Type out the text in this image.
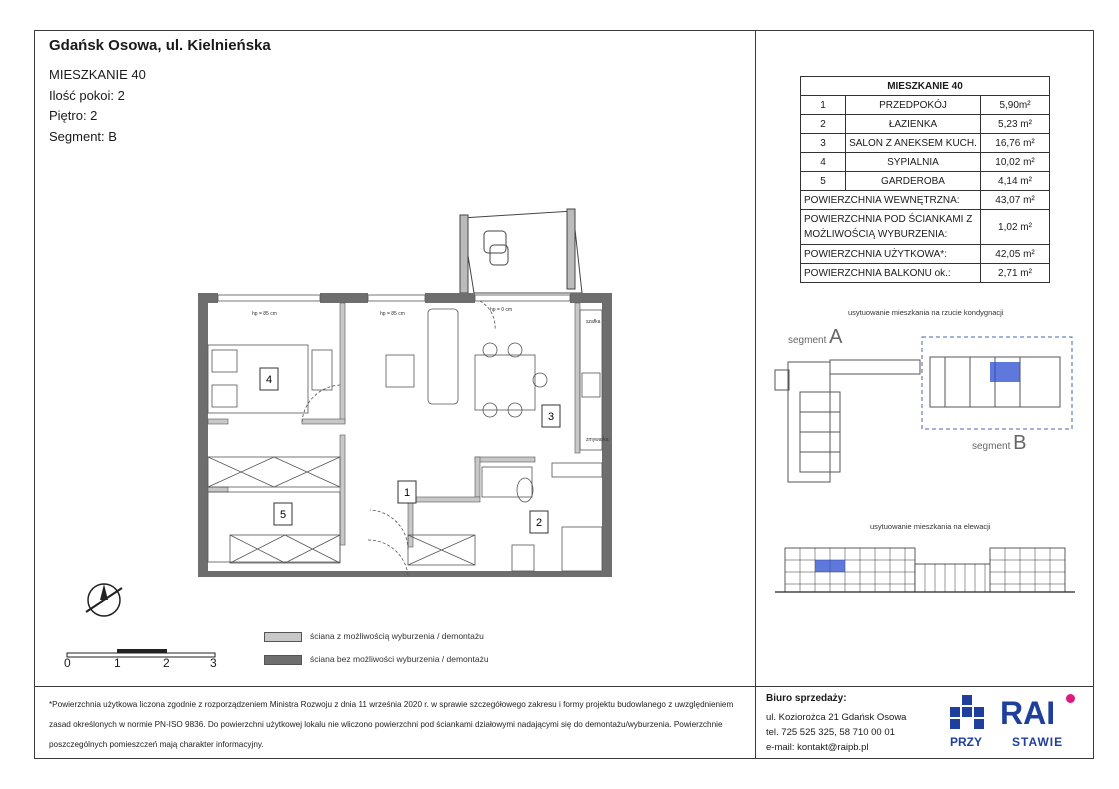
Gdańsk Osowa, ul. Kielnieńska
MIESZKANIE 40
Ilość pokoi: 2
Piętro: 2
Segment: B
MIESZKANIE 40		
1	PRZEDPOKÓJ	5,90m²
2	ŁAZIENKA	5,23 m²
3	SALON Z ANEKSEM KUCH.	16,76 m²
4	SYPIALNIA	10,02 m²
5	GARDEROBA	4,14 m²
POWIERZCHNIA WEWNĘTRZNA:		43,07 m²
POWIERZCHNIA POD ŚCIANKAMI Z MOŻLIWOŚCIĄ WYBURZENIA:		1,02 m²
POWIERZCHNIA UŻYTKOWA*:		42,05 m²
POWIERZCHNIA BALKONU ok.:		2,71 m²
4
1
2
3
5
hp = 85 cm	hp = 85 cm
hp = 0 cm
szafka
zmywarka
0	1	2	3
ściana z możliwością wyburzenia / demontażu
ściana bez możliwości wyburzenia / demontażu
usytuowanie mieszkania na rzucie kondygnacji
segment A
segment B
usytuowanie mieszkania na elewacji
*Powierzchnia użytkowa liczona zgodnie z rozporządzeniem Ministra Rozwoju z dnia 11 września 2020 r. w sprawie szczegółowego zakresu i formy projektu budowlanego z uwzględnieniem zasad określonych w normie PN-ISO 9836. Do powierzchni użytkowej lokalu nie wliczono powierzchni pod ściankami działowymi nadającymi się do demontażu/wyburzenia. Powierzchnie poszczególnych pomieszczeń mają charakter informacyjny.
Biuro sprzedaży:
ul. Koziorożca 21 Gdańsk Osowa
tel. 725 525 325, 58 710 00 01
e-mail: kontakt@raipb.pl
RAI
PRZY STAWIE
